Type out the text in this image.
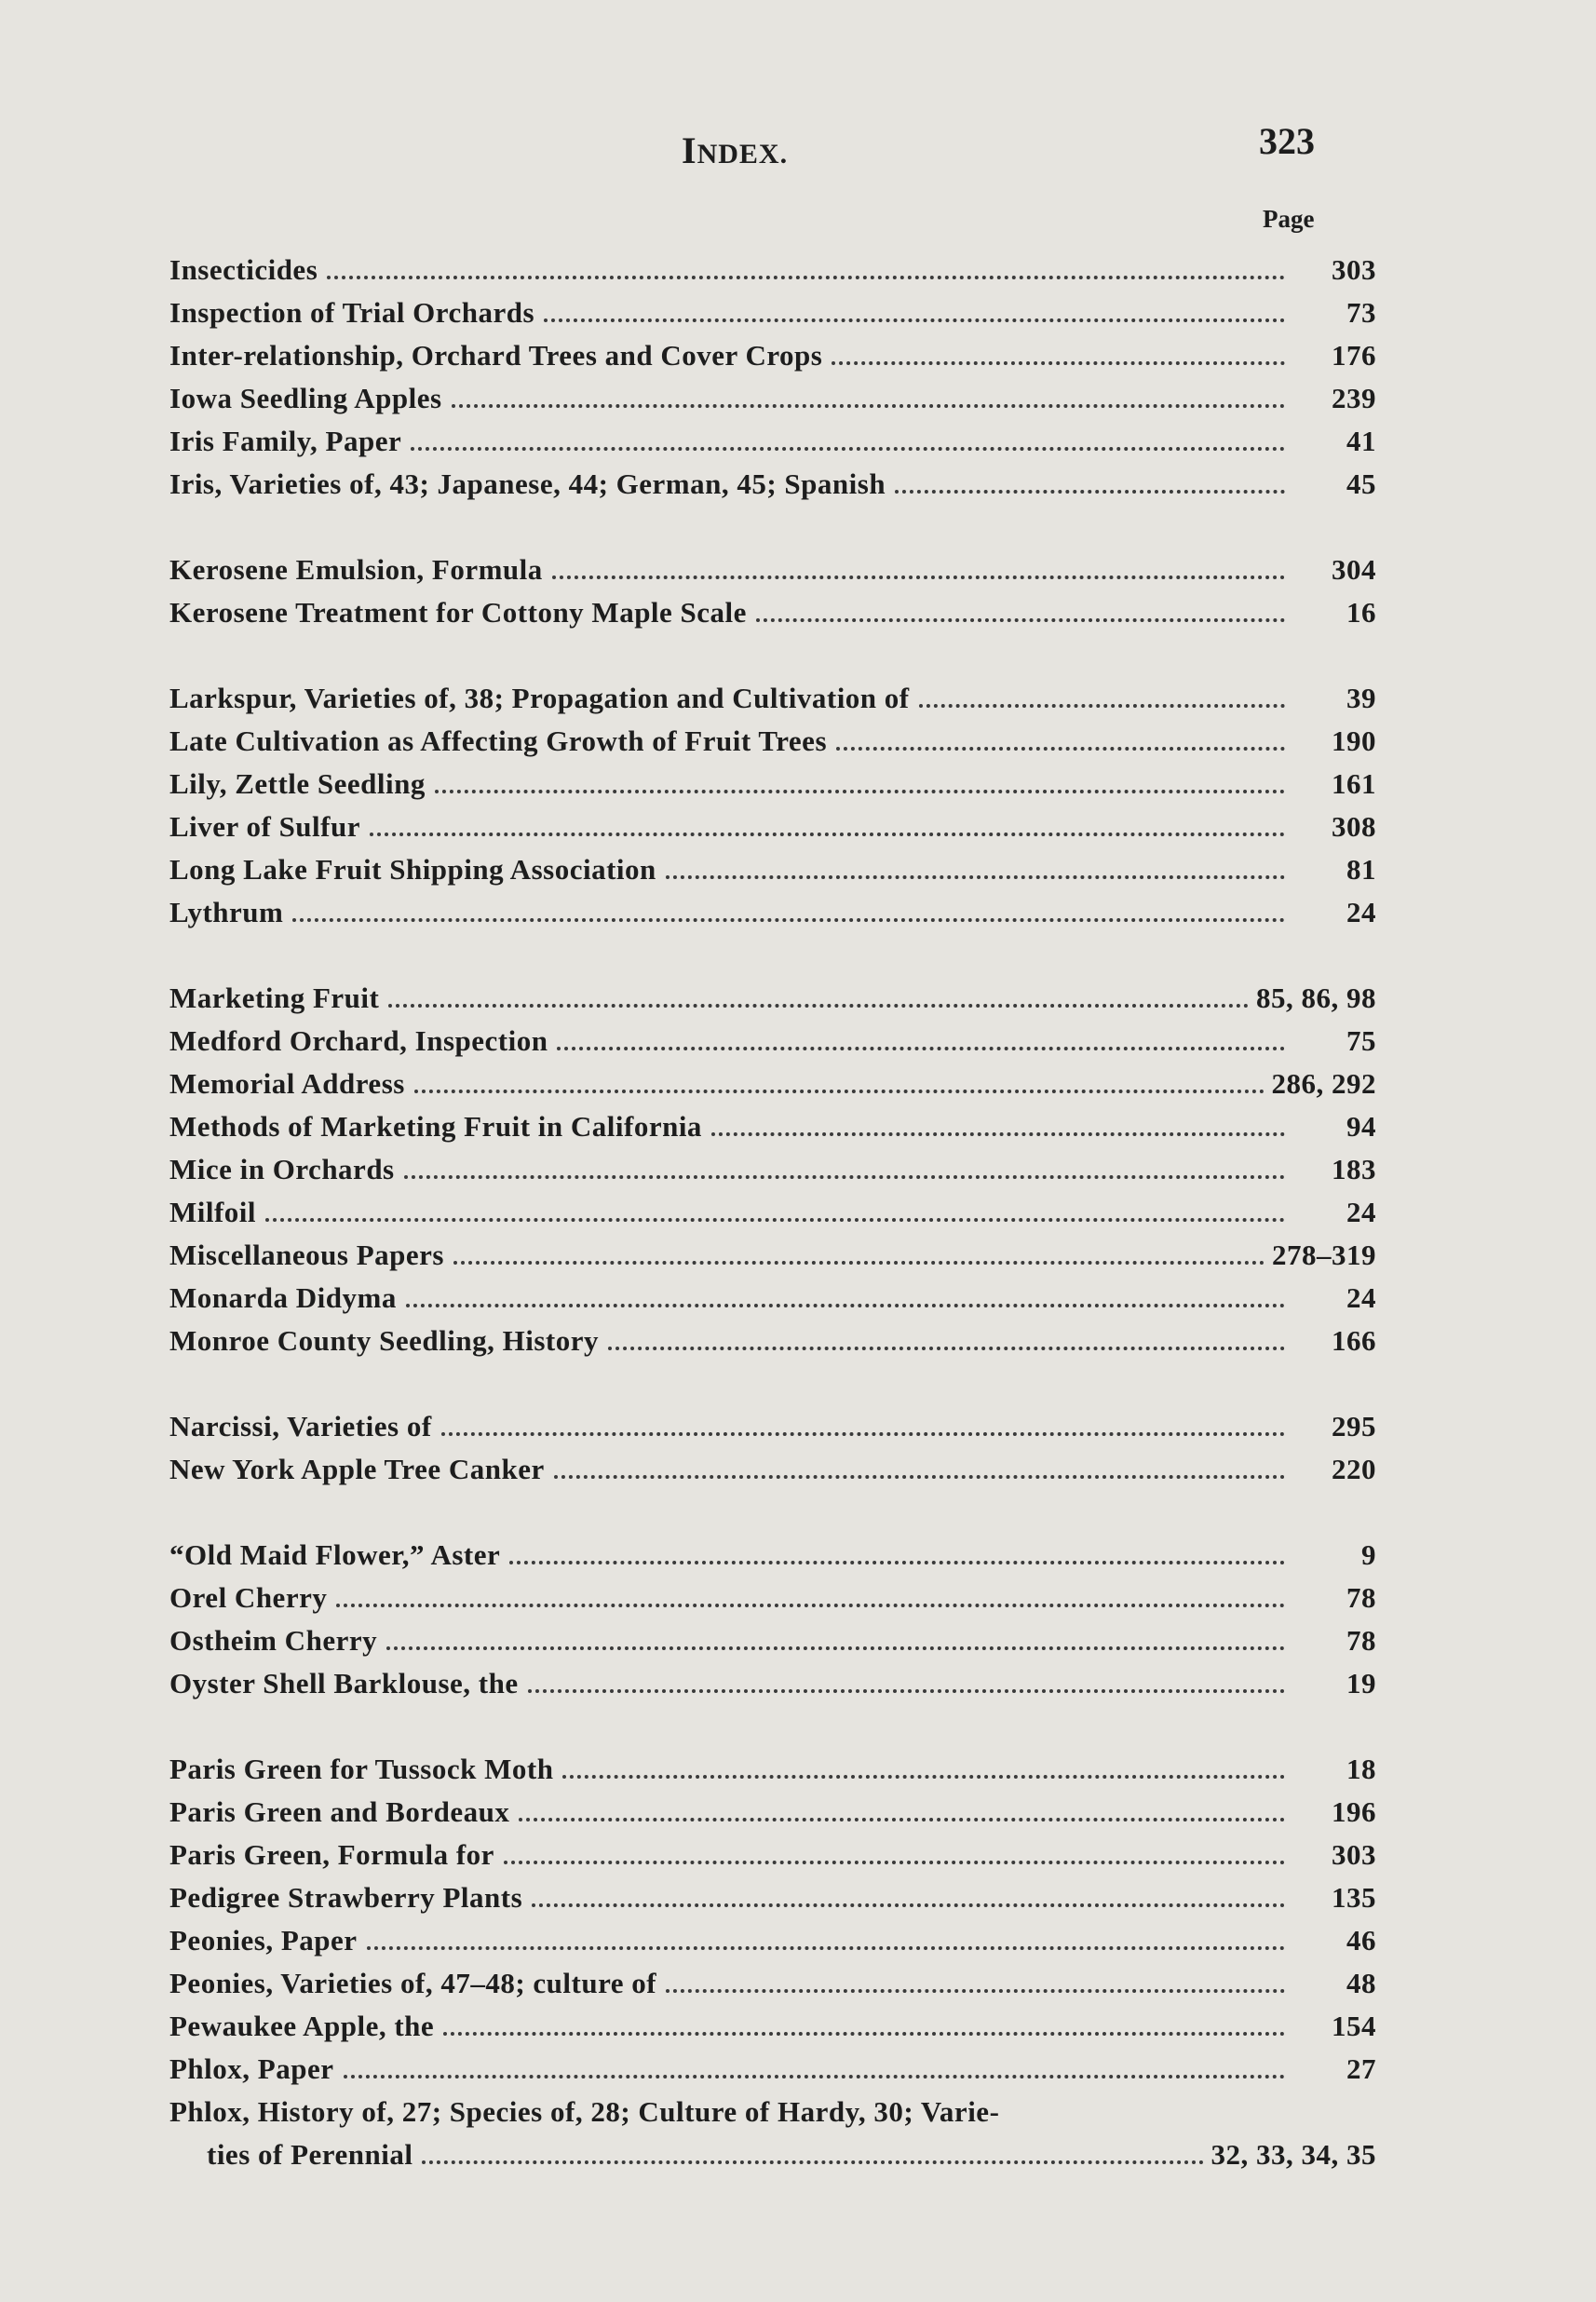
INDEX.	323
Page
Insecticides	303
Inspection of Trial Orchards	73
Inter-relationship, Orchard Trees and Cover Crops	176
Iowa Seedling Apples	239
Iris Family, Paper	41
Iris, Varieties of, 43; Japanese, 44; German, 45; Spanish	45
Kerosene Emulsion, Formula	304
Kerosene Treatment for Cottony Maple Scale	16
Larkspur, Varieties of, 38; Propagation and Cultivation of	39
Late Cultivation as Affecting Growth of Fruit Trees	190
Lily, Zettle Seedling	161
Liver of Sulfur	308
Long Lake Fruit Shipping Association	81
Lythrum	24
Marketing Fruit	85, 86, 98
Medford Orchard, Inspection	75
Memorial Address	286, 292
Methods of Marketing Fruit in California	94
Mice in Orchards	183
Milfoil	24
Miscellaneous Papers	278–319
Monarda Didyma	24
Monroe County Seedling, History	166
Narcissi, Varieties of	295
New York Apple Tree Canker	220
“Old Maid Flower,” Aster	9
Orel Cherry	78
Ostheim Cherry	78
Oyster Shell Barklouse, the	19
Paris Green for Tussock Moth	18
Paris Green and Bordeaux	196
Paris Green, Formula for	303
Pedigree Strawberry Plants	135
Peonies, Paper	46
Peonies, Varieties of, 47–48; culture of	48
Pewaukee Apple, the	154
Phlox, Paper	27
Phlox, History of, 27; Species of, 28; Culture of Hardy, 30; Varie-
ties of Perennial	32, 33, 34, 35
